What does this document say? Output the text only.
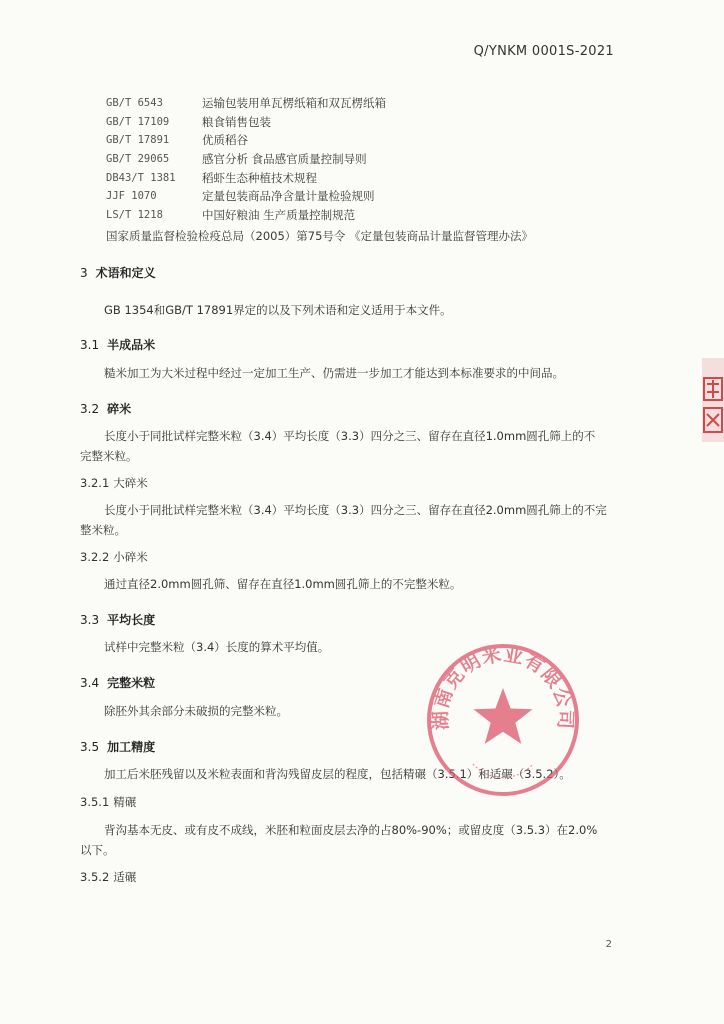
Q/YNKM 0001S-2021
GB/T 6543	运输包装用单瓦楞纸箱和双瓦楞纸箱
GB/T 17109	粮食销售包装
GB/T 17891	优质稻谷
GB/T 29065	感官分析 食品感官质量控制导则
DB43/T 1381	稻虾生态种植技术规程
JJF 1070	定量包装商品净含量计量检验规则
LS/T 1218	中国好粮油 生产质量控制规范
国家质量监督检验检疫总局（2005）第75号令 《定量包装商品计量监督管理办法》
3 术语和定义
GB 1354和GB/T 17891界定的以及下列术语和定义适用于本文件。
3.1 半成品米
糙米加工为大米过程中经过一定加工生产、仍需进一步加工才能达到本标准要求的中间品。
3.2 碎米
长度小于同批试样完整米粒（3.4）平均长度（3.3）四分之三、留存在直径1.0mm圆孔筛上的不
完整米粒。
3.2.1 大碎米
长度小于同批试样完整米粒（3.4）平均长度（3.3）四分之三、留存在直径2.0mm圆孔筛上的不完
整米粒。
3.2.2 小碎米
通过直径2.0mm圆孔筛、留存在直径1.0mm圆孔筛上的不完整米粒。
3.3 平均长度
试样中完整米粒（3.4）长度的算术平均值。
3.4 完整米粒
除胚外其余部分未破损的完整米粒。
3.5 加工精度
加工后米胚残留以及米粒表面和背沟残留皮层的程度，包括精碾（3.5.1）和适碾（3.5.2）。
3.5.1 精碾
背沟基本无皮、或有皮不成线，米胚和粒面皮层去净的占80%-90%；或留皮度（3.5.3）在2.0%
以下。
3.5.2 适碾
湖南克明米业有限公司
2
